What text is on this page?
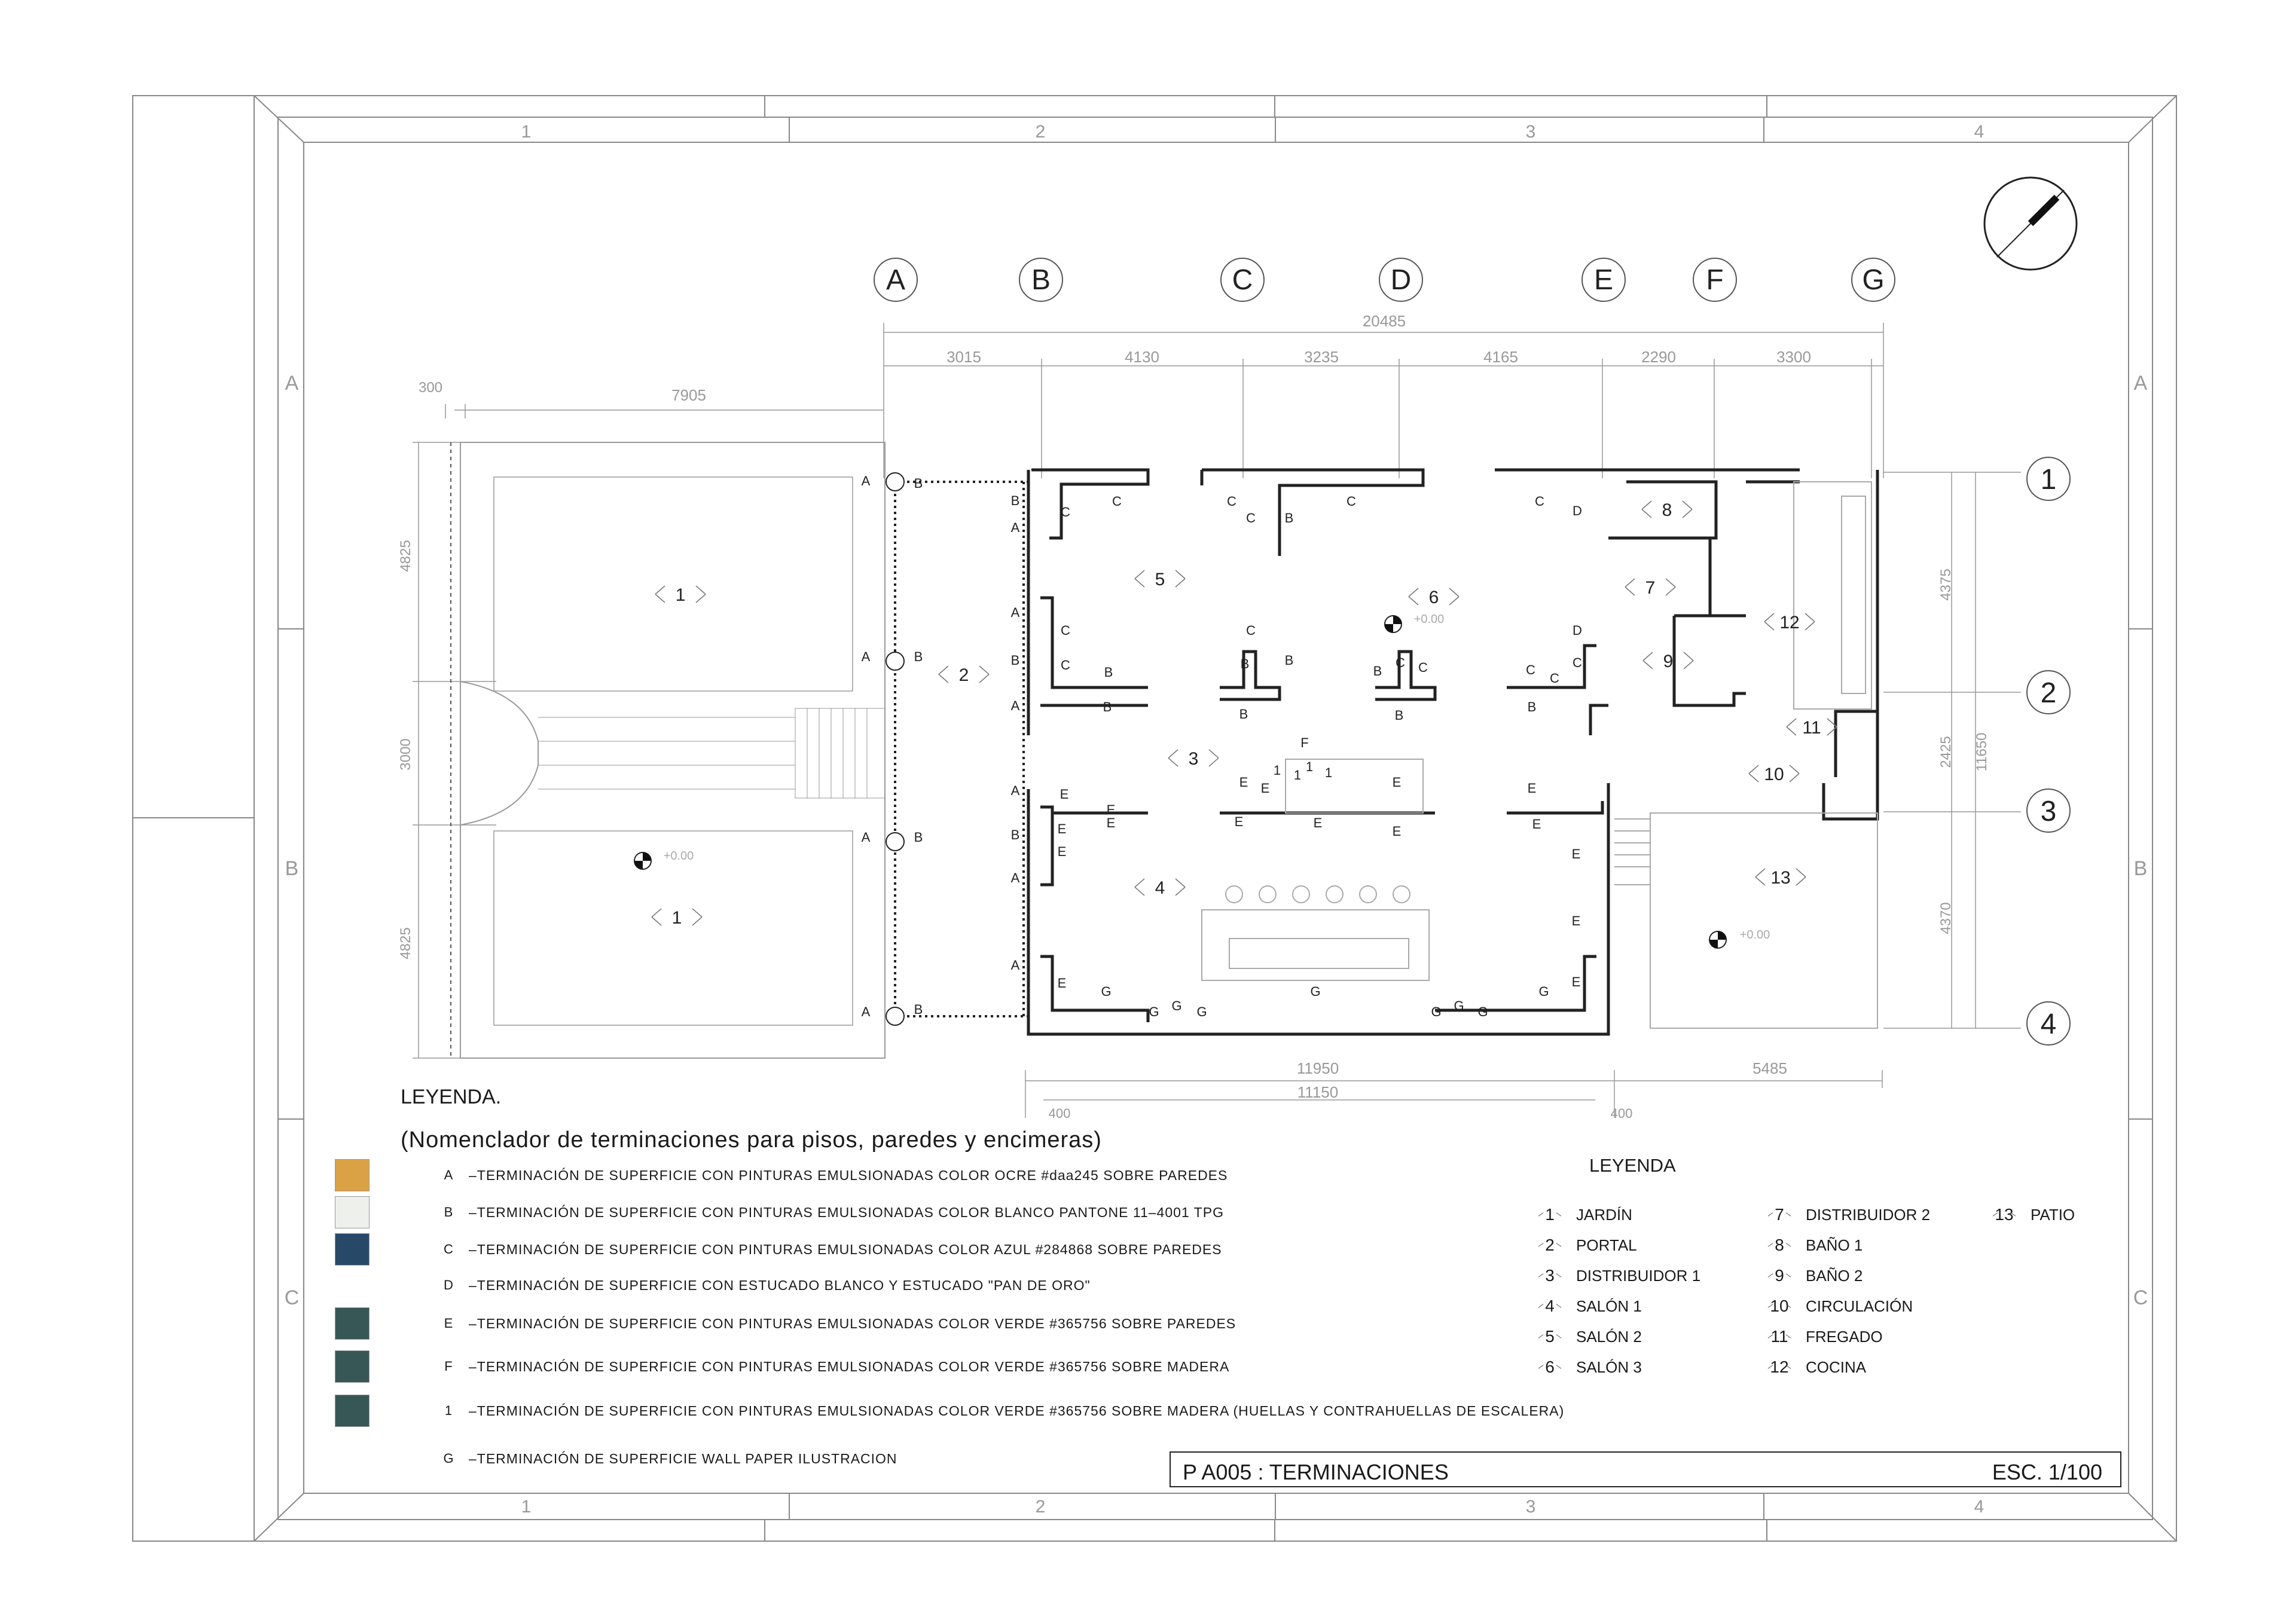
1
1
2
2
3
3
4
4
A	A
B	B
C	C
20485
3015	4130	3235	4165	2290	3300
7905
300
4825
3000
4825
4375
2425
4370
11650
11950
11150
5485
400	400
A	B	C	D	E	F	G
1
2
3
4
1
1
2
3
4
5
6	7
8
9
10
11
12
13
A	B
A	B
A	B
A	B
B
A
A
B
A
A
B
A
A
C
C	C
C B
C	C
D
C
C	B
C
B	B
B	B
C C
B
B
C
C
C
B
D
E
E
E
E
E
E E
E	E
E
E
E
E
E
E
E
E
F
G
G	G
G
G G G
G
G
1 1
1 1
+0.00
+0.00
+0.00
LEYENDA.
(Nomenclador de terminaciones para pisos, paredes y encimeras)
A –TERMINACIÓN DE SUPERFICIE CON PINTURAS EMULSIONADAS COLOR OCRE #daa245 SOBRE PAREDES
B –TERMINACIÓN DE SUPERFICIE CON PINTURAS EMULSIONADAS COLOR BLANCO PANTONE 11–4001 TPG
C –TERMINACIÓN DE SUPERFICIE CON PINTURAS EMULSIONADAS COLOR AZUL #284868 SOBRE PAREDES
D –TERMINACIÓN DE SUPERFICIE CON ESTUCADO BLANCO Y ESTUCADO "PAN DE ORO"
E –TERMINACIÓN DE SUPERFICIE CON PINTURAS EMULSIONADAS COLOR VERDE #365756 SOBRE PAREDES
F	–TERMINACIÓN DE SUPERFICIE CON PINTURAS EMULSIONADAS COLOR VERDE #365756 SOBRE MADERA
1	–TERMINACIÓN DE SUPERFICIE CON PINTURAS EMULSIONADAS COLOR VERDE #365756 SOBRE MADERA (HUELLAS Y CONTRAHUELLAS DE ESCALERA)
G –TERMINACIÓN DE SUPERFICIE WALL PAPER ILUSTRACION
LEYENDA
1	JARDÍN
2	PORTAL
3	DISTRIBUIDOR 1
4	SALÓN 1
5	SALÓN 2
6	SALÓN 3
7	DISTRIBUIDOR 2
8	BAÑO 1
9	BAÑO 2
10 CIRCULACIÓN
11 FREGADO
12 COCINA
13 PATIO
P A005 : TERMINACIONES	ESC. 1/100
